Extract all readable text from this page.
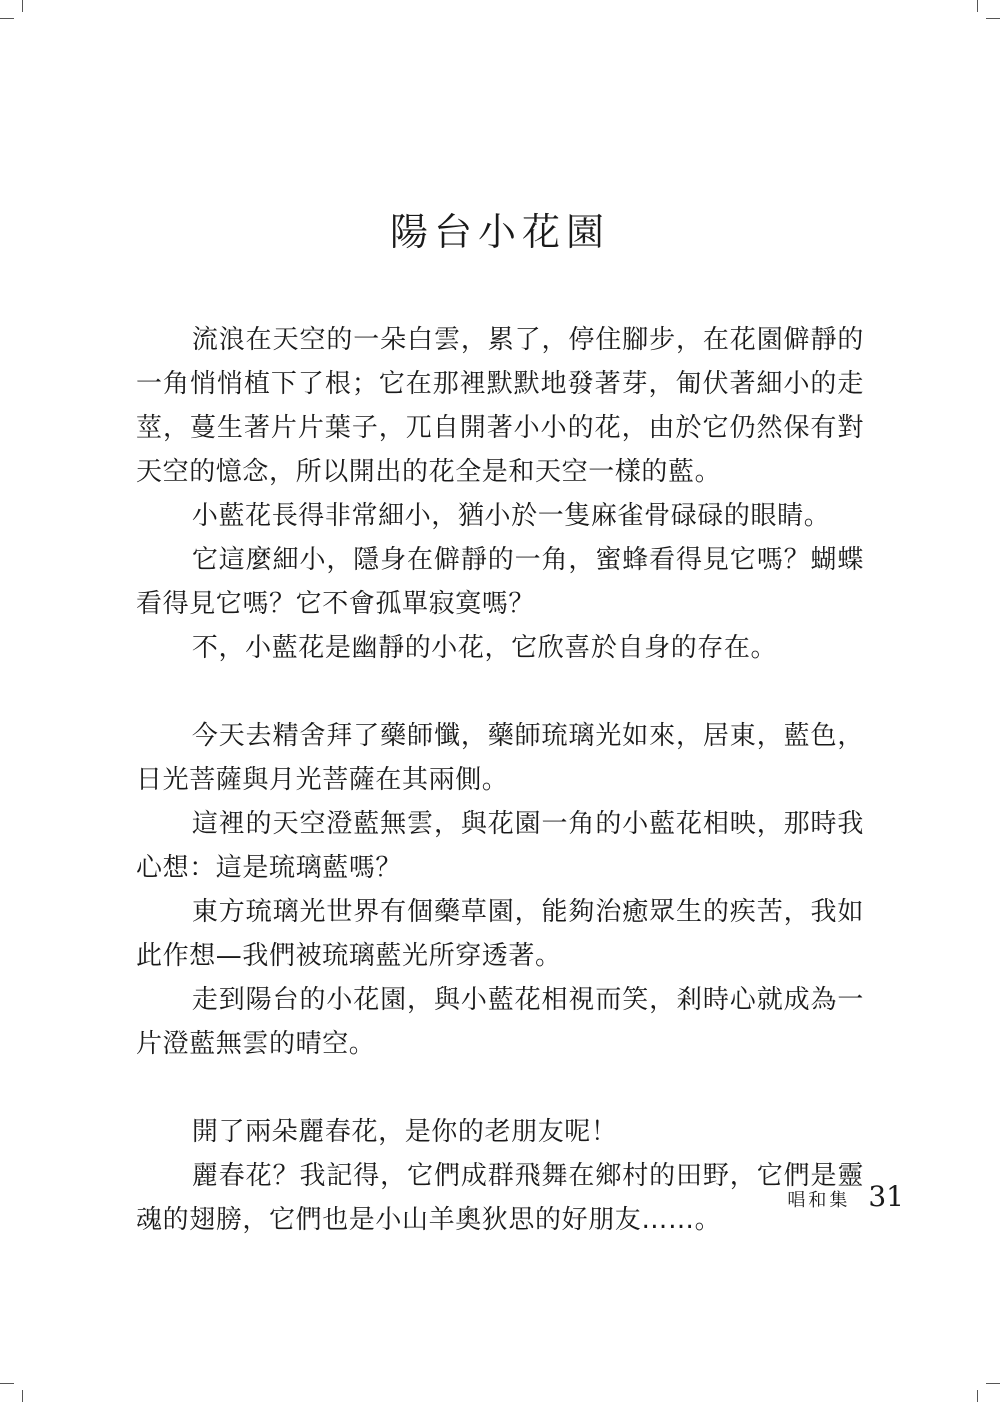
陽台小花園

流浪在天空的一朵白雲，累了，停住腳步，在花園僻靜的一角悄悄植下了根；它在那裡默默地發著芽，匍伏著細小的走莖，蔓生著片片葉子，兀自開著小小的花，由於它仍然保有對天空的憶念，所以開出的花全是和天空一樣的藍。

小藍花長得非常細小，猶小於一隻麻雀骨碌碌的眼睛。

它這麼細小，隱身在僻靜的一角，蜜蜂看得見它嗎？蝴蝶看得見它嗎？它不會孤單寂寞嗎？

不，小藍花是幽靜的小花，它欣喜於自身的存在。

今天去精舍拜了藥師懺，藥師琉璃光如來，居東，藍色，日光菩薩與月光菩薩在其兩側。

這裡的天空澄藍無雲，與花園一角的小藍花相映，那時我心想：這是琉璃藍嗎？

東方琉璃光世界有個藥草園，能夠治癒眾生的疾苦，我如此作想—我們被琉璃藍光所穿透著。

走到陽台的小花園，與小藍花相視而笑，剎時心就成為一片澄藍無雲的晴空。

開了兩朵麗春花，是你的老朋友呢！

麗春花？我記得，它們成群飛舞在鄉村的田野，它們是靈魂的翅膀，它們也是小山羊奧狄思的好朋友……。

唱和集 31
